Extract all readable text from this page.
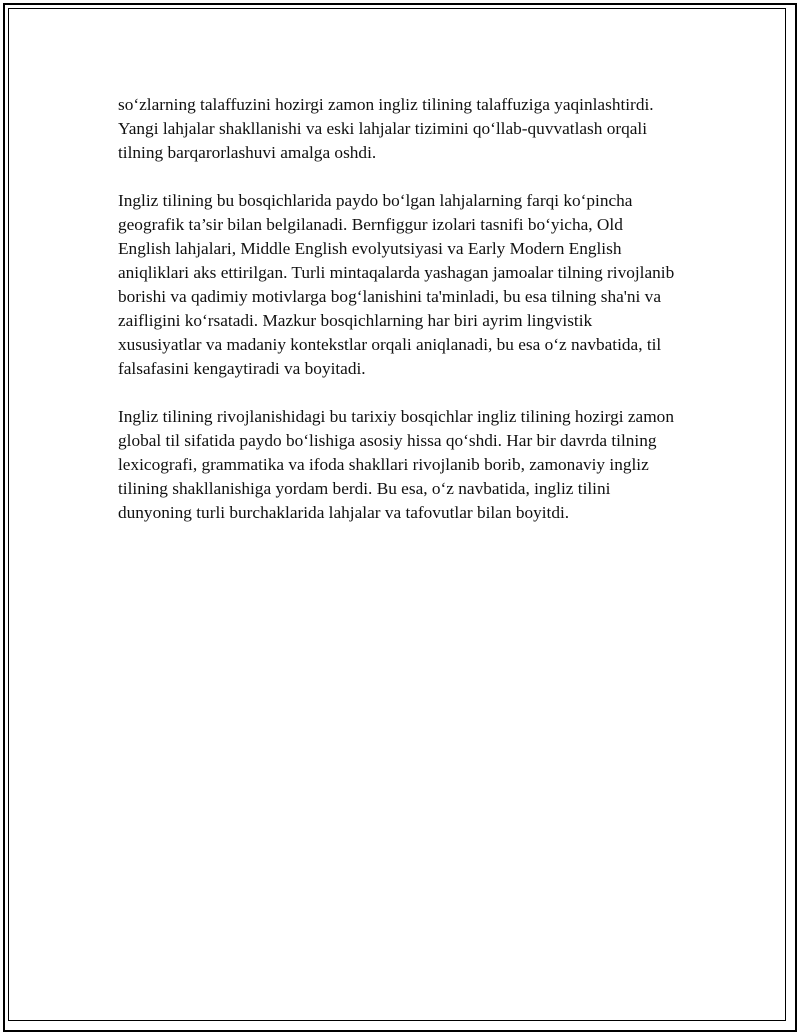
so‘zlarning talaffuzini hozirgi zamon ingliz tilining talaffuziga yaqinlashtirdi. Yangi lahjalar shakllanishi va eski lahjalar tizimini qo‘llab-quvvatlash orqali tilning barqarorlashuvi amalga oshdi.

Ingliz tilining bu bosqichlarida paydo bo‘lgan lahjalarning farqi ko‘pincha geografik ta’sir bilan belgilanadi. Bernfiggur izolari tasnifi bo‘yicha, Old English lahjalari, Middle English evolyutsiyasi va Early Modern English aniqliklari aks ettirilgan. Turli mintaqalarda yashagan jamoalar tilning rivojlanib borishi va qadimiy motivlarga bog‘lanishini ta'minladi, bu esa tilning sha'ni va zaifligini ko‘rsatadi. Mazkur bosqichlarning har biri ayrim lingvistik xususiyatlar va madaniy kontekstlar orqali aniqlanadi, bu esa o‘z navbatida, til falsafasini kengaytiradi va boyitadi.

Ingliz tilining rivojlanishidagi bu tarixiy bosqichlar ingliz tilining hozirgi zamon global til sifatida paydo bo‘lishiga asosiy hissa qo‘shdi. Har bir davrda tilning lexicografi, grammatika va ifoda shakllari rivojlanib borib, zamonaviy ingliz tilining shakllanishiga yordam berdi. Bu esa, o‘z navbatida, ingliz tilini dunyoning turli burchaklarida lahjalar va tafovutlar bilan boyitdi.
